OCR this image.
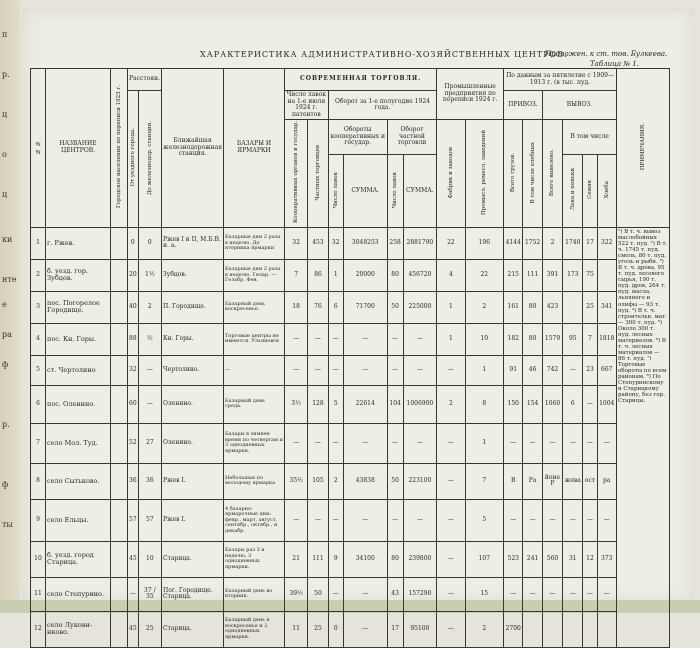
п
р.
ц
о
ц
ки
нте
е
ра
ф
р.
ф
ты
ХАРАКТЕРИСТИКА АДМИНИСТРАТИВНО-ХОЗЯЙСТВЕННЫХ ЦЕНТРОВ.
Приложен. к ст. тов. Булкеева.
Таблица № 1.
№ №	НАЗВАНИЕ ЦЕНТРОВ.	Городское население по переписи 1923 г.	Расстоян.		Ближайшая железнодорожная станция.	БАЗАРЫ И ЯРМАРКИ	СОВРЕМЕННАЯ ТОРГОВЛЯ.						Промышленные предприятия по переписи 1924 г.		По данным за пятилетие с 1909—1913 г. (в тыс. пуд.						ПРИМЕЧАНИЯ.
			От уездного города.	До железнодор. станции.			Число лавок на 1-е июля 1924 г. патентов		Оборот за 1-е полугодие 1924 года.						ПРИВОЗ.		ВЫВОЗ.				
							Кооперативных органов и государ.	Частных торговцев	Обороты кооперативных и государ.		Оборот частной торговли		Фабрик и заводов	Промысл. ремесл. заведений	Всего грузов.	В том числе хлебных	Всего вывезено.	В том числе			
									Число лавок	СУММА.	Число лавок	СУММА.						Льна и пеньки	Семян	Хлеба	
1	г. Ржев.		0	0	Ржев I и II, М.Б.В. и. а.	Базарные дни 2 раза в неделю. До вторника ярмарки	32	453	32	3048253	258	2881790	22	196	4144	1752	2	1740	17	322	¹) В т. ч. вывоз маслобойных 522 т. пуд. ²) В т. ч. 1745 т. пуд. смоль, 80 т. пуд. уголь и рыбн. ³) В т. ч. дрова, 95 т. пуд. лесового сырья, 190 т. пуд. дров, 264 т. пуд. масла, льняного и олифы — 93 т. пуд. ⁴) В т. ч. строительн. мат. — 300 т. пуд. ⁵) Около 300 т. пуд. лесных материалов. ⁶) В т. ч. лесных материалов — 86 т. пуд. ⁷) Торговые обороты по всем районам. ⁸) По Степуринскому и Старицкому району, без гор. Старицы.
2	б. уезд. гор. Зубцов.		20	1½	Зубцов.	Базарные дни 2 раза в неделю. Гелар. — Гельбр. Фев.	7	86	1	20000	80	456720	4	22	215	111	391	173	75		
3	пос. Погорелое Городище.		40	2	П. Городище.	Базарный день воскресенье.	18	76	6	71700	50	225000	1	2	161	80	423		25	341	
4	пос. Кн. Горы.		88	½	Кн. Горы.	Торговые центры не имеются. Ульяновск	—	—	—	—	—	—	1	10	182	80	1579	95	7	1818	
5	ст. Чертолино		32	—	Чертолино.	—	—	—	—	—	—	—	—	1	91	46	742	—	23	667	
6	пос. Оленино.		60	—	Оленино.	Базарный день среда.	3½	128	5	22614	104	1006900	2	8	150	154	1060	6	—	1004	
7	село Мол. Туд.		52	27	Оленино.	Базары в зимнее время по четвергам и 3 однодневных ярмарки.	—	—	—	—	—	—	—	1	—	—	—	—	—	—	
8	село Сытьково.		36	36	Ржев I.	Небольшая по молодому ярмарка	35½	105	2	43838	50	223100	—	7	В	Ра	йоне Р	жева	ост	ра	
9	село Ельцы.		57	57	Ржев I.	4 базарно-ярмарочные дни: февр., март, август, сентябр., октябр., и декабр.	—	—	—	—	—	—	—	5	—	—	—	—	—	—	
10	б. уезд. город Старица.		45	10	Старица.	Базары раз 3 в неделю, 3 однодневных ярмарки.	21	111	9	34100	80	239800	—	107	523	241	560	31	12	373	
11	село Степурино.		—	37 / 35	Пог. Городище. Старица.	Базарный день во вторник.	39½	50	—	—	43	157290	—	15	—	—	—	—	—	—	
12	село Луковинково.		45	25	Старица.	Базарный день в воскресенье и 2 однодневных ярмарки.	11	25	0	—	17	95100	—	2	2700						
